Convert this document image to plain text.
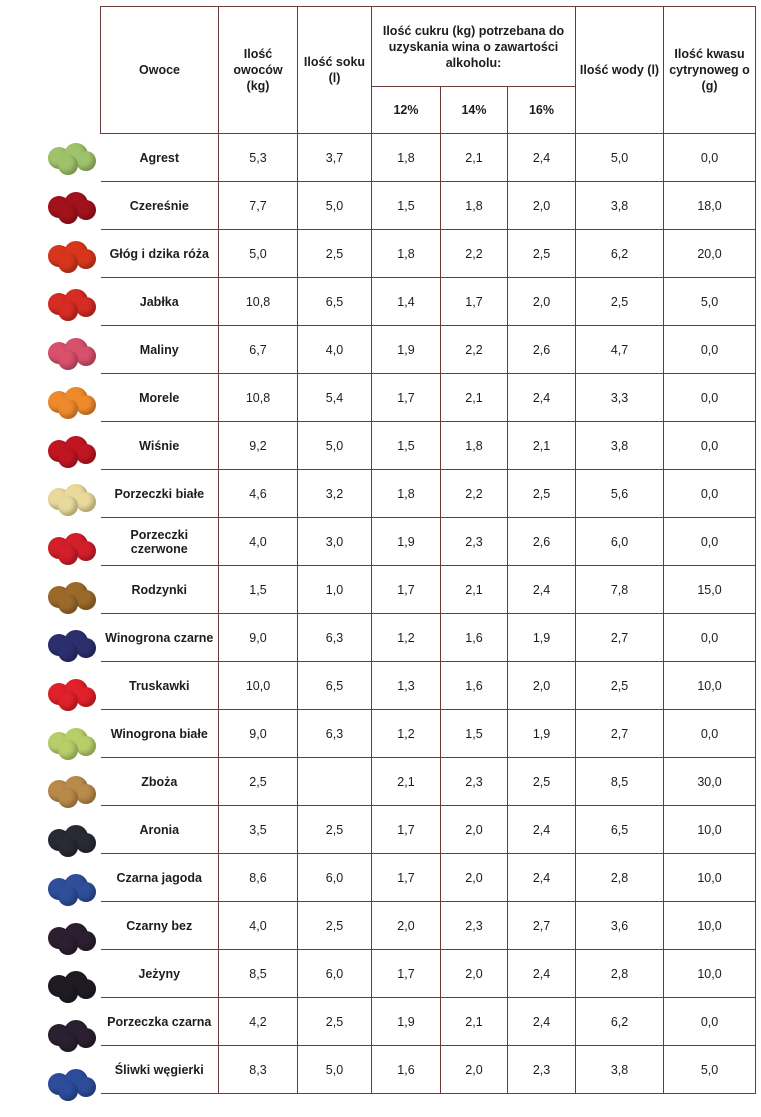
Owoce	Ilość owoców (kg)	Ilość soku (l)	Ilość cukru (kg) potrzebana do uzyskania wina o zawartości alkoholu:			Ilość wody (l)	Ilość kwasu cytrynoweg o (g)
			12%	14%	16%		
Agrest	5,3	3,7	1,8	2,1	2,4	5,0	0,0
Czereśnie	7,7	5,0	1,5	1,8	2,0	3,8	18,0
Głóg i dzika róża	5,0	2,5	1,8	2,2	2,5	6,2	20,0
Jabłka	10,8	6,5	1,4	1,7	2,0	2,5	5,0
Maliny	6,7	4,0	1,9	2,2	2,6	4,7	0,0
Morele	10,8	5,4	1,7	2,1	2,4	3,3	0,0
Wiśnie	9,2	5,0	1,5	1,8	2,1	3,8	0,0
Porzeczki białe	4,6	3,2	1,8	2,2	2,5	5,6	0,0
Porzeczki czerwone	4,0	3,0	1,9	2,3	2,6	6,0	0,0
Rodzynki	1,5	1,0	1,7	2,1	2,4	7,8	15,0
Winogrona czarne	9,0	6,3	1,2	1,6	1,9	2,7	0,0
Truskawki	10,0	6,5	1,3	1,6	2,0	2,5	10,0
Winogrona białe	9,0	6,3	1,2	1,5	1,9	2,7	0,0
Zboża	2,5		2,1	2,3	2,5	8,5	30,0
Aronia	3,5	2,5	1,7	2,0	2,4	6,5	10,0
Czarna jagoda	8,6	6,0	1,7	2,0	2,4	2,8	10,0
Czarny bez	4,0	2,5	2,0	2,3	2,7	3,6	10,0
Jeżyny	8,5	6,0	1,7	2,0	2,4	2,8	10,0
Porzeczka czarna	4,2	2,5	1,9	2,1	2,4	6,2	0,0
Śliwki węgierki	8,3	5,0	1,6	2,0	2,3	3,8	5,0
